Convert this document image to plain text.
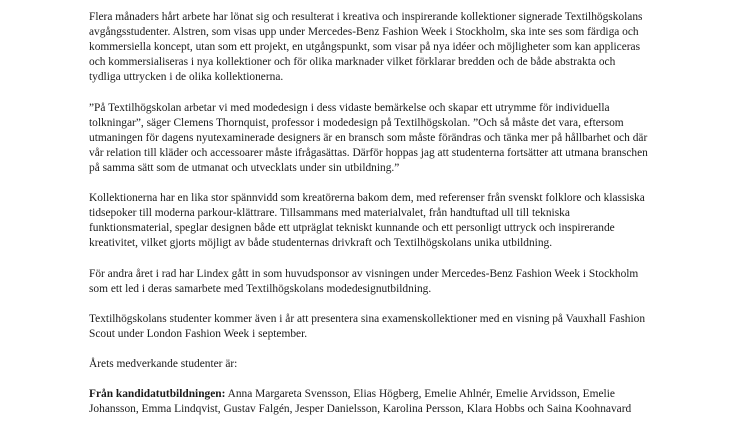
Flera månaders hårt arbete har lönat sig och resulterat i kreativa och inspirerande kollektioner signerade Textilhögskolans avgångsstudenter. Alstren, som visas upp under Mercedes-Benz Fashion Week i Stockholm, ska inte ses som färdiga och kommersiella koncept, utan som ett projekt, en utgångspunkt, som visar på nya idéer och möjligheter som kan appliceras och kommersialiseras i nya kollektioner och för olika marknader vilket förklarar bredden och de både abstrakta och tydliga uttrycken i de olika kollektionerna.

”På Textilhögskolan arbetar vi med modedesign i dess vidaste bemärkelse och skapar ett utrymme för individuella tolkningar”, säger Clemens Thornquist, professor i modedesign på Textilhögskolan. ”Och så måste det vara, eftersom utmaningen för dagens nyutexaminerade designers är en bransch som måste förändras och tänka mer på hållbarhet och där vår relation till kläder och accessoarer måste ifrågasättas. Därför hoppas jag att studenterna fortsätter att utmana branschen på samma sätt som de utmanat och utvecklats under sin utbildning.”

Kollektionerna har en lika stor spännvidd som kreatörerna bakom dem, med referenser från svenskt folklore och klassiska tidsepoker till moderna parkour-klättrare. Tillsammans med materialvalet, från handtuftad ull till tekniska funktionsmaterial, speglar designen både ett utpräglat tekniskt kunnande och ett personligt uttryck och inspirerande kreativitet, vilket gjorts möjligt av både studenternas drivkraft och Textilhögskolans unika utbildning.

För andra året i rad har Lindex gått in som huvudsponsor av visningen under Mercedes-Benz Fashion Week i Stockholm som ett led i deras samarbete med Textilhögskolans modedesignutbildning.

Textilhögskolans studenter kommer även i år att presentera sina examenskollektioner med en visning på Vauxhall Fashion Scout under London Fashion Week i september.

Årets medverkande studenter är:

Från kandidatutbildningen: Anna Margareta Svensson, Elias Högberg, Emelie Ahlnér, Emelie Arvidsson, Emelie Johansson, Emma Lindqvist, Gustav Falgén, Jesper Danielsson, Karolina Persson, Klara Hobbs och Saina Koohnavard
